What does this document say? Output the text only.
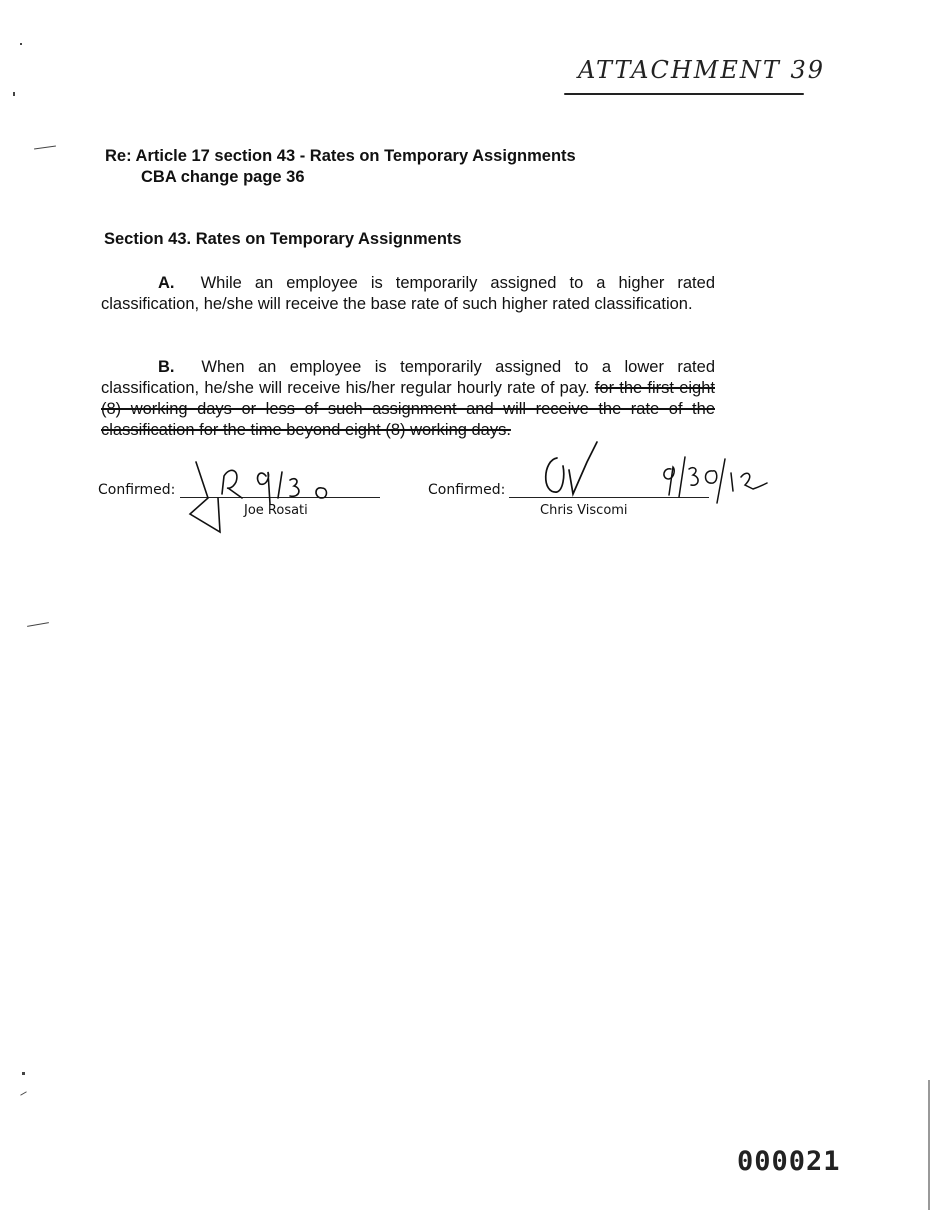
ATTACHMENT 39
Re: Article 17 section 43 - Rates on Temporary Assignments
CBA change page 36
Section 43. Rates on Temporary Assignments
A. While an employee is temporarily assigned to a higher rated classification, he/she will receive the base rate of such higher rated classification.
B. When an employee is temporarily assigned to a lower rated classification, he/she will receive his/her regular hourly rate of pay. for the first eight (8) working days or less of such assignment and will receive the rate of the classification for the time beyond eight (8) working days.
Confirmed:
Joe Rosati
Confirmed:
Chris Viscomi
000021
